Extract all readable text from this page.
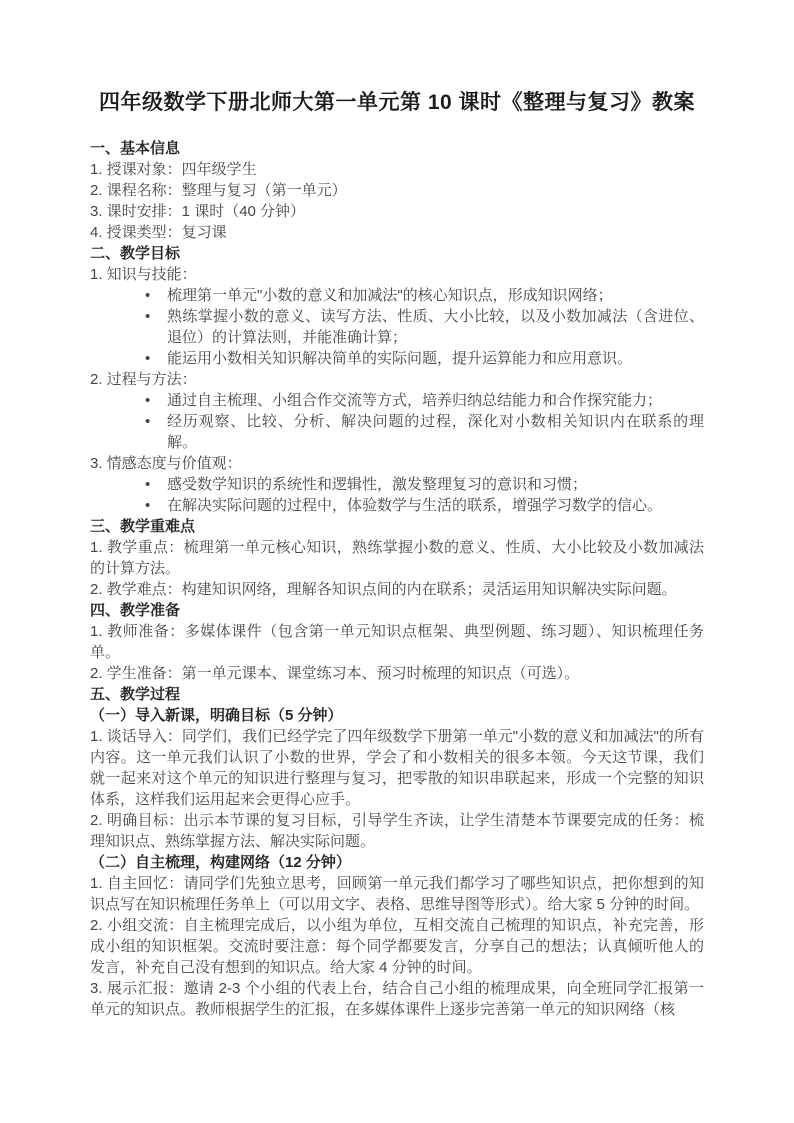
四年级数学下册北师大第一单元第 10 课时《整理与复习》教案
一、基本信息

1. 授课对象：四年级学生

2. 课程名称：整理与复习（第一单元）

3. 课时安排：1 课时（40 分钟）

4. 授课类型：复习课

二、教学目标

1. 知识与技能：

• 梳理第一单元"小数的意义和加减法"的核心知识点，形成知识网络；
• 熟练掌握小数的意义、读写方法、性质、大小比较，以及小数加减法（含进位、退位）的计算法则，并能准确计算；
• 能运用小数相关知识解决简单的实际问题，提升运算能力和应用意识。

2. 过程与方法：

• 通过自主梳理、小组合作交流等方式，培养归纳总结能力和合作探究能力；
• 经历观察、比较、分析、解决问题的过程，深化对小数相关知识内在联系的理解。

3. 情感态度与价值观：

• 感受数学知识的系统性和逻辑性，激发整理复习的意识和习惯；
• 在解决实际问题的过程中，体验数学与生活的联系，增强学习数学的信心。
三、教学重难点

1. 教学重点：梳理第一单元核心知识，熟练掌握小数的意义、性质、大小比较及小数加减法的计算方法。

2. 教学难点：构建知识网络，理解各知识点间的内在联系；灵活运用知识解决实际问题。

四、教学准备

1. 教师准备：多媒体课件（包含第一单元知识点框架、典型例题、练习题）、知识梳理任务单。

2. 学生准备：第一单元课本、课堂练习本、预习时梳理的知识点（可选）。

五、教学过程
（一）导入新课，明确目标（5 分钟）

1. 谈话导入：同学们，我们已经学完了四年级数学下册第一单元"小数的意义和加减法"的所有内容。这一单元我们认识了小数的世界，学会了和小数相关的很多本领。今天这节课，我们就一起来对这个单元的知识进行整理与复习，把零散的知识串联起来，形成一个完整的知识体系，这样我们运用起来会更得心应手。

2. 明确目标：出示本节课的复习目标，引导学生齐读，让学生清楚本节课要完成的任务：梳理知识点、熟练掌握方法、解决实际问题。

（二）自主梳理，构建网络（12 分钟）

1. 自主回忆：请同学们先独立思考，回顾第一单元我们都学习了哪些知识点，把你想到的知识点写在知识梳理任务单上（可以用文字、表格、思维导图等形式）。给大家 5 分钟的时间。

2. 小组交流：自主梳理完成后，以小组为单位，互相交流自己梳理的知识点，补充完善，形成小组的知识框架。交流时要注意：每个同学都要发言，分享自己的想法；认真倾听他人的发言，补充自己没有想到的知识点。给大家 4 分钟的时间。

3. 展示汇报：邀请 2-3 个小组的代表上台，结合自己小组的梳理成果，向全班同学汇报第一单元的知识点。教师根据学生的汇报，在多媒体课件上逐步完善第一单元的知识网络（核
